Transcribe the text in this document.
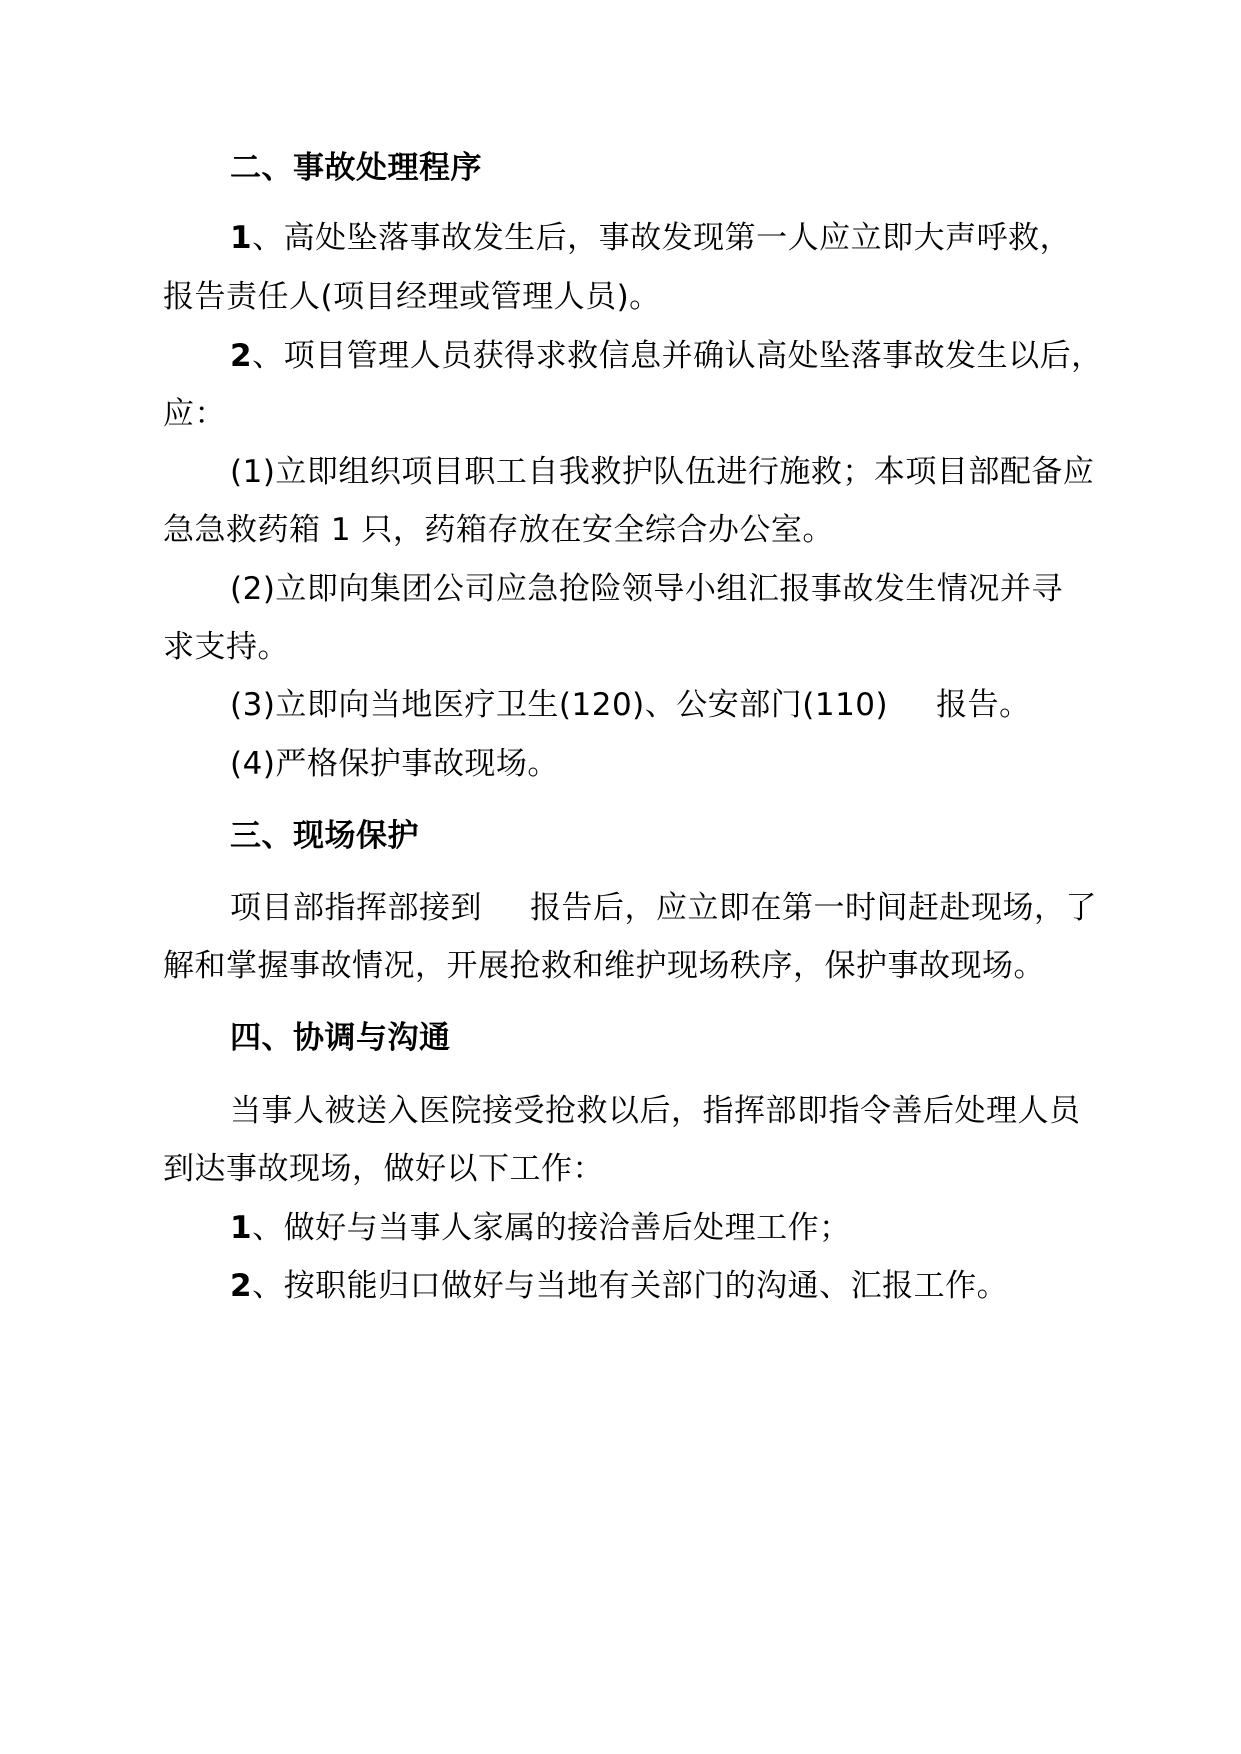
二、事故处理程序
1、高处坠落事故发生后，事故发现第一人应立即大声呼救，
报告责任人(项目经理或管理人员)。
2、项目管理人员获得求救信息并确认高处坠落事故发生以后，
应：
(1)立即组织项目职工自我救护队伍进行施救；本项目部配备应
急急救药箱 1 只，药箱存放在安全综合办公室。
(2)立即向集团公司应急抢险领导小组汇报事故发生情况并寻
求支持。
(3)立即向当地医疗卫生(120)、公安部门(110) 报告。
(4)严格保护事故现场。
三、现场保护
项目部指挥部接到 报告后，应立即在第一时间赶赴现场，了
解和掌握事故情况，开展抢救和维护现场秩序，保护事故现场。
四、协调与沟通
当事人被送入医院接受抢救以后，指挥部即指令善后处理人员
到达事故现场，做好以下工作：
1、做好与当事人家属的接洽善后处理工作；
2、按职能归口做好与当地有关部门的沟通、汇报工作。
